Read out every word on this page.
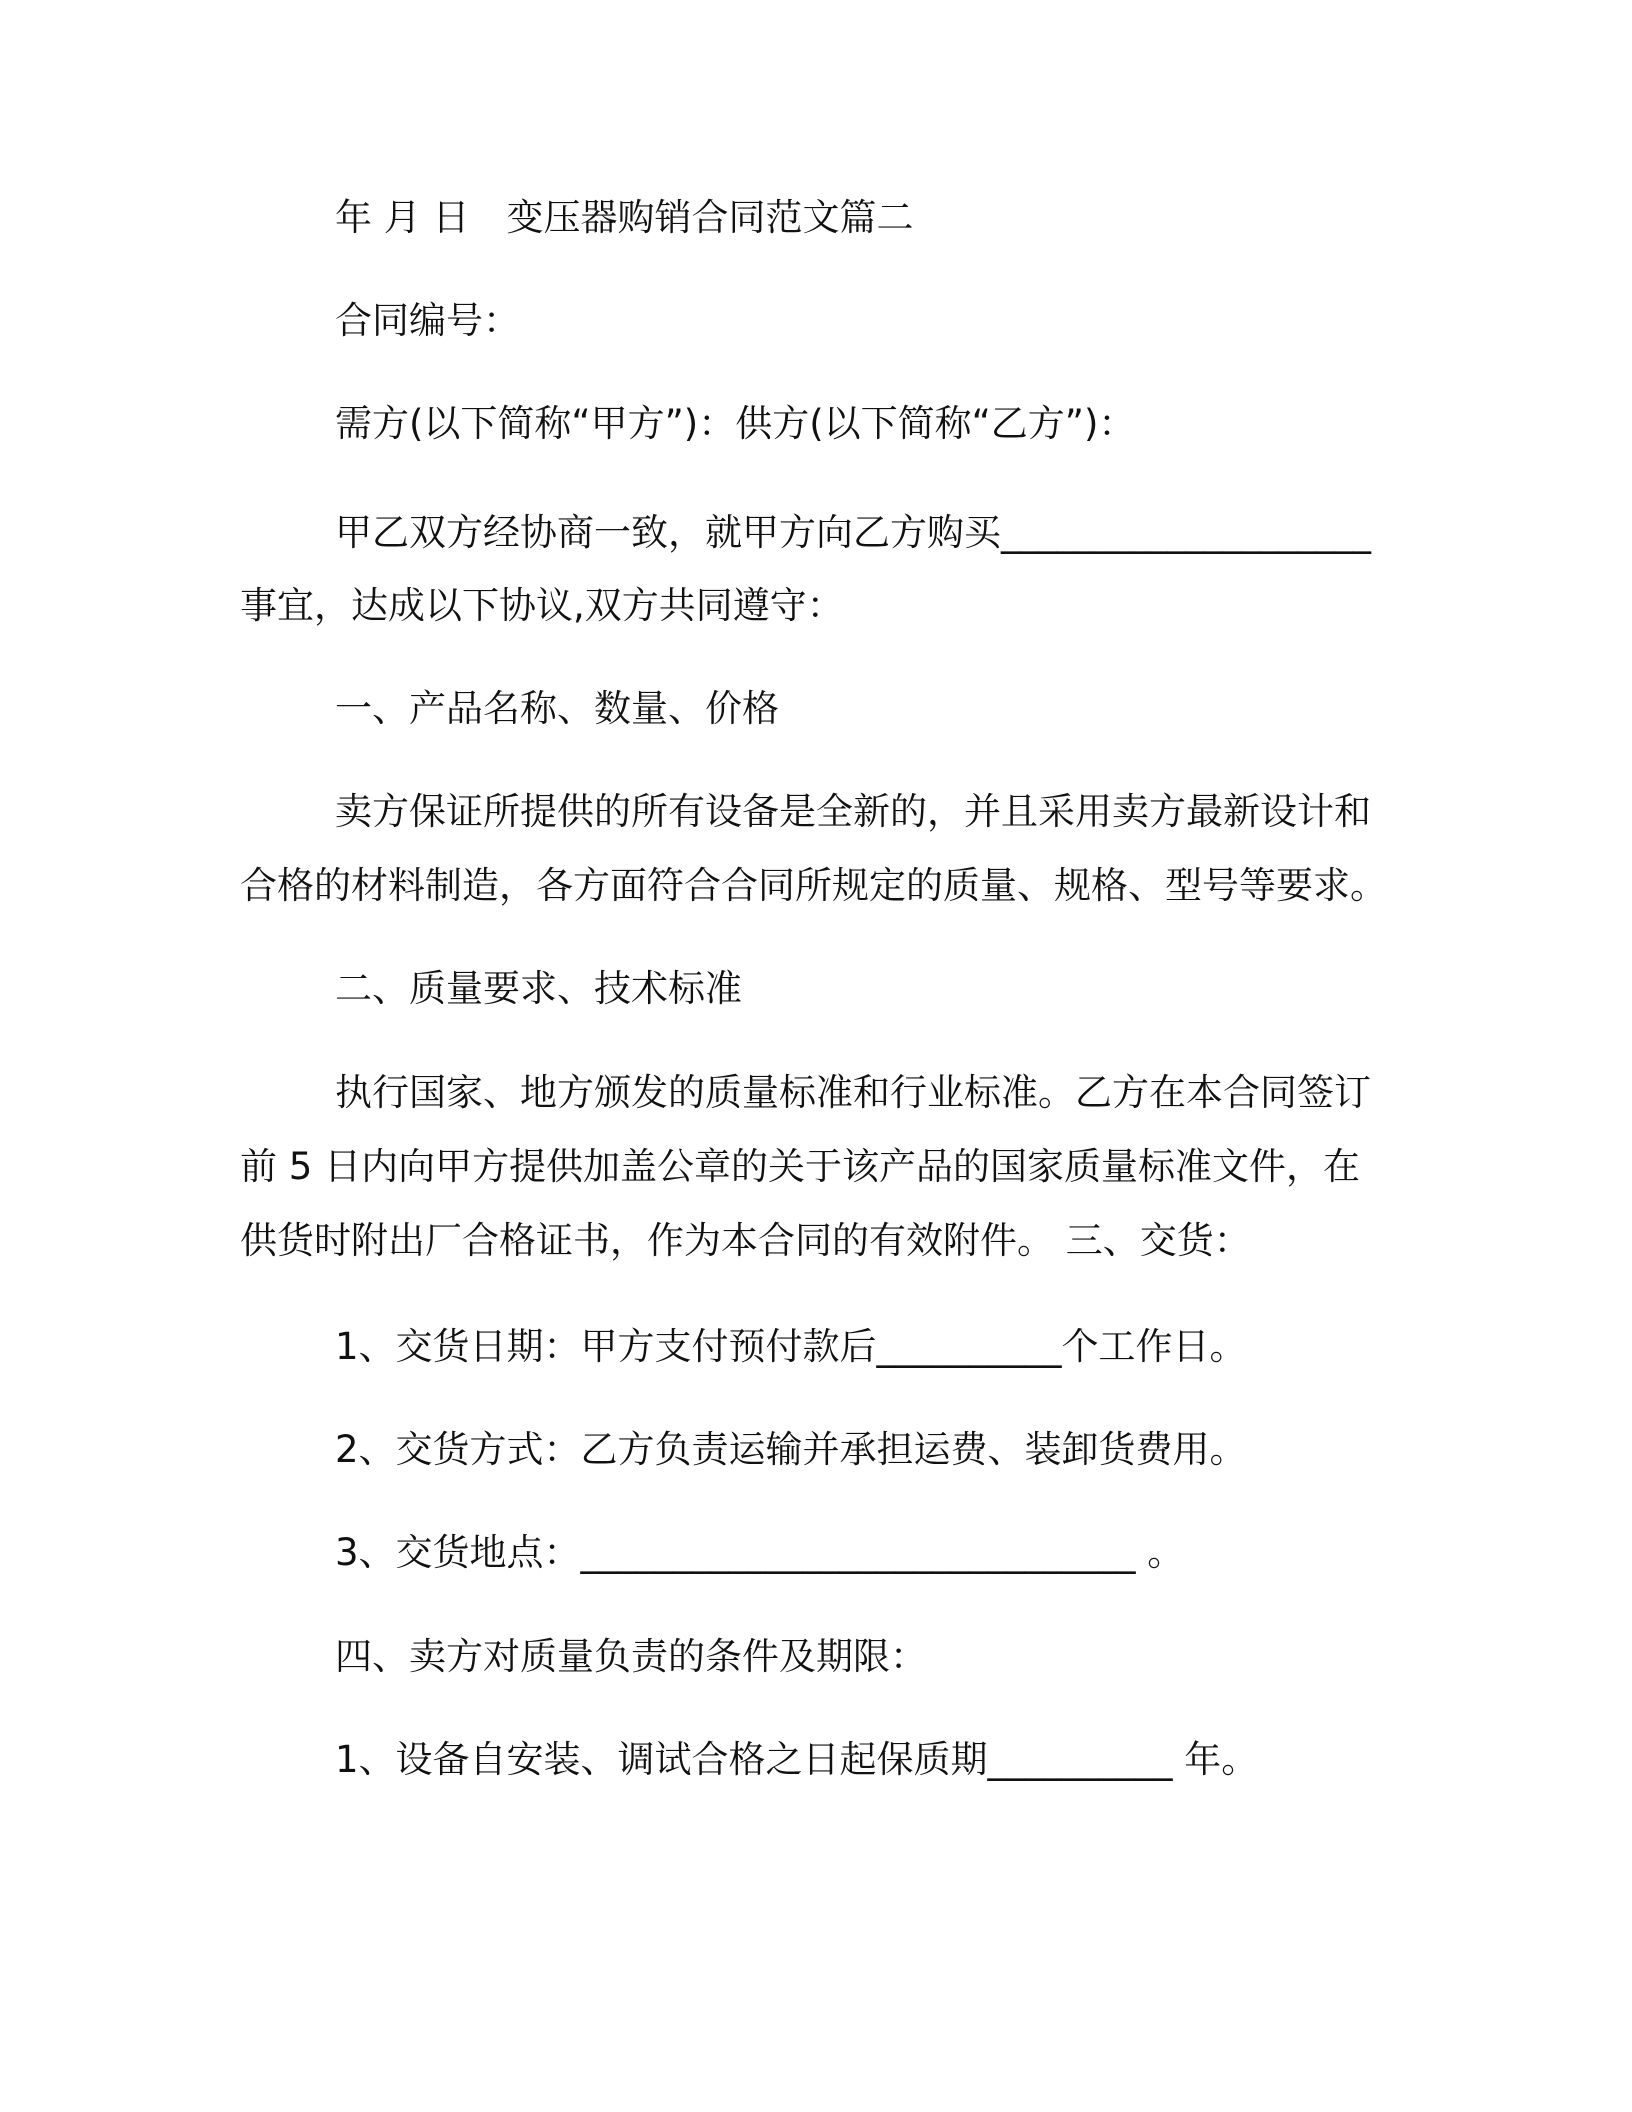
年 月 日　变压器购销合同范文篇二
合同编号：
需方(以下简称“甲方”)：供方(以下简称“乙方”)：
甲乙双方经协商一致，就甲方向乙方购买____________________
事宜，达成以下协议,双方共同遵守：
一、产品名称、数量、价格
卖方保证所提供的所有设备是全新的，并且采用卖方最新设计和
合格的材料制造，各方面符合合同所规定的质量、规格、型号等要求。
二、质量要求、技术标准
执行国家、地方颁发的质量标准和行业标准。乙方在本合同签订
前 5 日内向甲方提供加盖公章的关于该产品的国家质量标准文件，在
供货时附出厂合格证书，作为本合同的有效附件。 三、交货：
1、交货日期：甲方支付预付款后__________个工作日。
2、交货方式：乙方负责运输并承担运费、装卸货费用。
3、交货地点：______________________________ 。
四、卖方对质量负责的条件及期限：
1、设备自安装、调试合格之日起保质期__________ 年。
